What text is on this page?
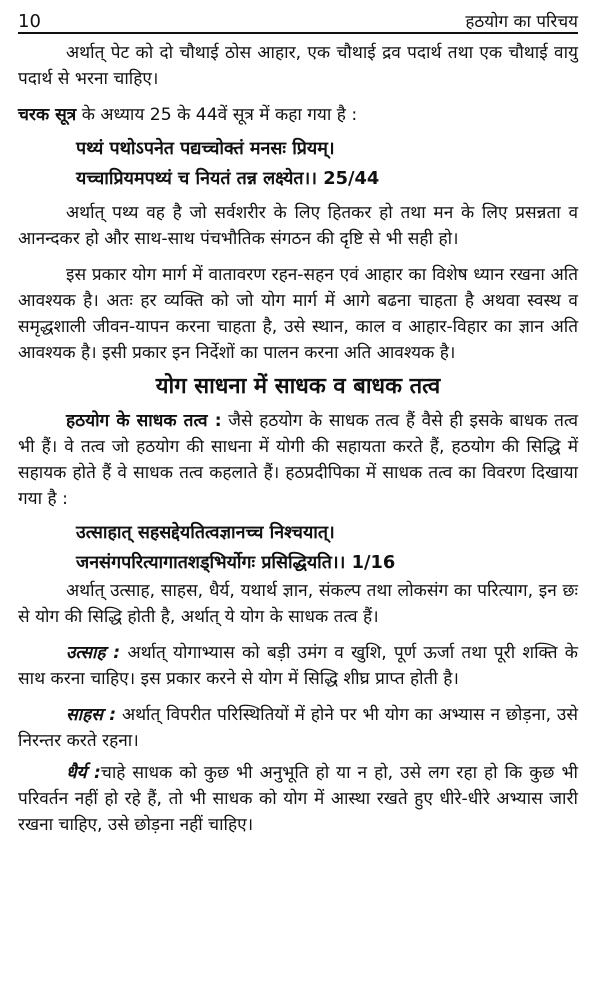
10	हठयोग का परिचय

अर्थात् पेट को दो चौथाई ठोस आहार, एक चौथाई द्रव पदार्थ तथा एक चौथाई वायु पदार्थ से भरना चाहिए।

चरक सूत्र के अध्याय 25 के 44वें सूत्र में कहा गया है :

पथ्यं पथोऽपनेत पद्यच्चोक्तं मनसः प्रियम्।
यच्चाप्रियमपथ्यं च नियतं तन्न लक्ष्येत।। 25/44

अर्थात् पथ्य वह है जो सर्वशरीर के लिए हितकर हो तथा मन के लिए प्रसन्नता व आनन्दकर हो और साथ-साथ पंचभौतिक संगठन की दृष्टि से भी सही हो।

इस प्रकार योग मार्ग में वातावरण रहन-सहन एवं आहार का विशेष ध्यान रखना अति आवश्यक है। अतः हर व्यक्ति को जो योग मार्ग में आगे बढना चाहता है अथवा स्वस्थ व समृद्धशाली जीवन-यापन करना चाहता है, उसे स्थान, काल व आहार-विहार का ज्ञान अति आवश्यक है। इसी प्रकार इन निर्देशों का पालन करना अति आवश्यक है।

योग साधना में साधक व बाधक तत्व

हठयोग के साधक तत्व : जैसे हठयोग के साधक तत्व हैं वैसे ही इसके बाधक तत्व भी हैं। वे तत्व जो हठयोग की साधना में योगी की सहायता करते हैं, हठयोग की सिद्धि में सहायक होते हैं वे साधक तत्व कहलाते हैं। हठप्रदीपिका में साधक तत्व का विवरण दिखाया गया है :

उत्साहात् सहसद्देयतित्वज्ञानच्च निश्चयात्।
जनसंगपरित्यागातशड्भिर्योगः प्रसिद्धियति।। 1/16

अर्थात् उत्साह, साहस, धैर्य, यथार्थ ज्ञान, संकल्प तथा लोकसंग का परित्याग, इन छः से योग की सिद्धि होती है, अर्थात् ये योग के साधक तत्व हैं।

उत्साह : अर्थात् योगाभ्यास को बड़ी उमंग व खुशि, पूर्ण ऊर्जा तथा पूरी शक्ति के साथ करना चाहिए। इस प्रकार करने से योग में सिद्धि शीघ्र प्राप्त होती है।

साहस : अर्थात् विपरीत परिस्थितियों में होने पर भी योग का अभ्यास न छोड़ना, उसे निरन्तर करते रहना।

धैर्य :चाहे साधक को कुछ भी अनुभूति हो या न हो, उसे लग रहा हो कि कुछ भी परिवर्तन नहीं हो रहे हैं, तो भी साधक को योग में आस्था रखते हुए धीरे-धीरे अभ्यास जारी रखना चाहिए, उसे छोड़ना नहीं चाहिए।
